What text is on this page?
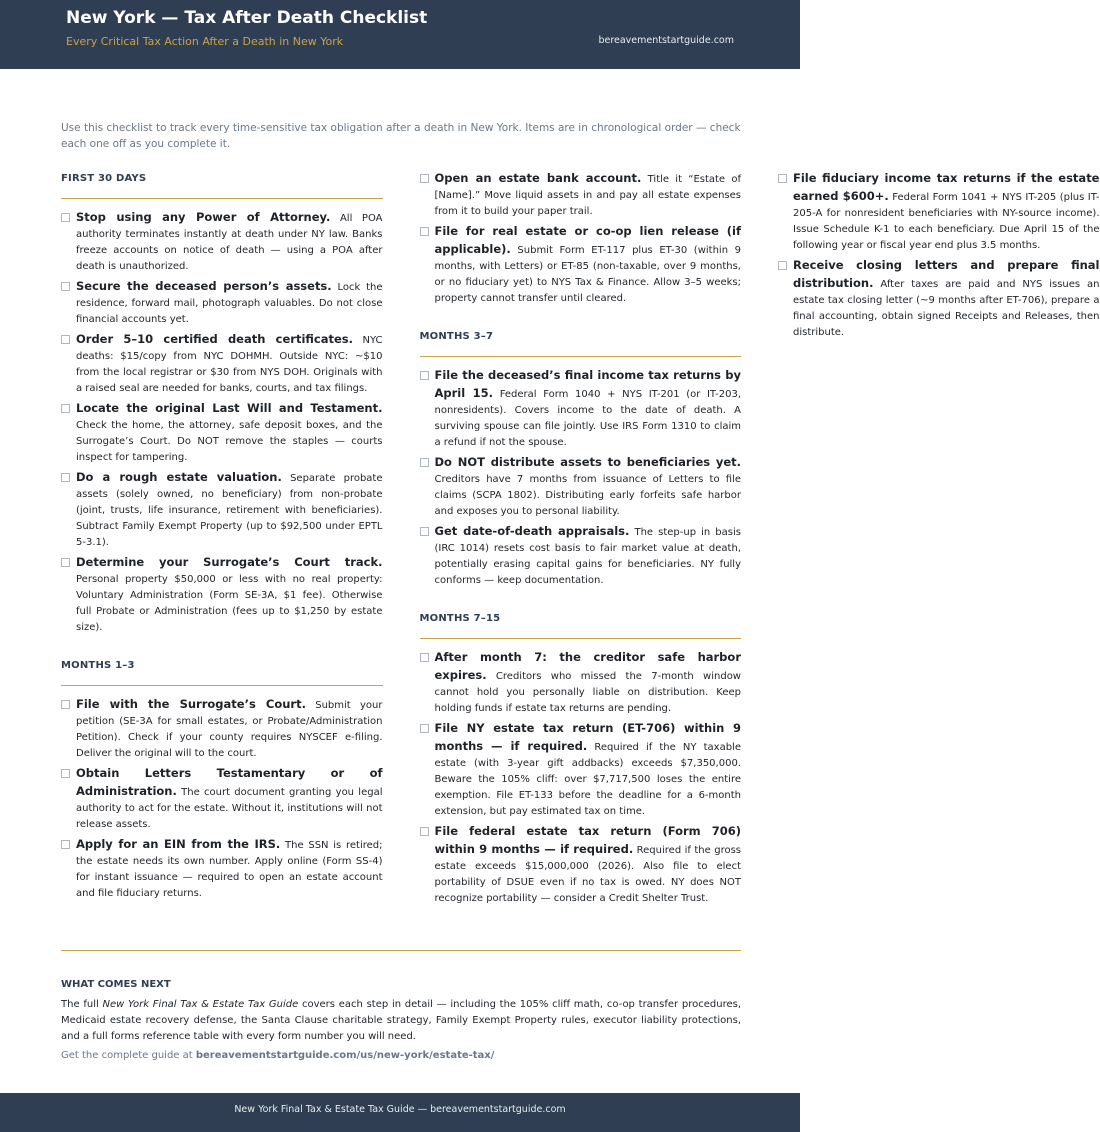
New York — Tax After Death Checklist
Every Critical Tax Action After a Death in New York	bereavementstartguide.com
Use this checklist to track every time-sensitive tax obligation after a death in New York. Items are in chronological order — check each one off as you complete it.
FIRST 30 DAYS
Stop using any Power of Attorney. All POA authority terminates instantly at death under NY law. Banks freeze accounts on notice of death — using a POA after death is unauthorized.
Secure the deceased person’s assets. Lock the residence, forward mail, photograph valuables. Do not close financial accounts yet.
Order 5–10 certified death certificates. NYC deaths: $15/copy from NYC DOHMH. Outside NYC: ~$10 from the local registrar or $30 from NYS DOH. Originals with a raised seal are needed for banks, courts, and tax filings.
Locate the original Last Will and Testament. Check the home, the attorney, safe deposit boxes, and the Surrogate’s Court. Do NOT remove the staples — courts inspect for tampering.
Do a rough estate valuation. Separate probate assets (solely owned, no beneficiary) from non-probate (joint, trusts, life insurance, retirement with beneficiaries). Subtract Family Exempt Property (up to $92,500 under EPTL 5-3.1).
Determine your Surrogate’s Court track. Personal property $50,000 or less with no real property: Voluntary Administration (Form SE-3A, $1 fee). Otherwise full Probate or Administration (fees up to $1,250 by estate size).
MONTHS 1–3
File with the Surrogate’s Court. Submit your petition (SE-3A for small estates, or Probate/Administration Petition). Check if your county requires NYSCEF e-filing. Deliver the original will to the court.
Obtain Letters Testamentary or of Administration. The court document granting you legal authority to act for the estate. Without it, institutions will not release assets.
Apply for an EIN from the IRS. The SSN is retired; the estate needs its own number. Apply online (Form SS-4) for instant issuance — required to open an estate account and file fiduciary returns.
Open an estate bank account. Title it “Estate of [Name].” Move liquid assets in and pay all estate expenses from it to build your paper trail.
File for real estate or co-op lien release (if applicable). Submit Form ET-117 plus ET-30 (within 9 months, with Letters) or ET-85 (non-taxable, over 9 months, or no fiduciary yet) to NYS Tax & Finance. Allow 3–5 weeks; property cannot transfer until cleared.
MONTHS 3–7
File the deceased’s final income tax returns by April 15. Federal Form 1040 + NYS IT-201 (or IT-203, nonresidents). Covers income to the date of death. A surviving spouse can file jointly. Use IRS Form 1310 to claim a refund if not the spouse.
Do NOT distribute assets to beneficiaries yet. Creditors have 7 months from issuance of Letters to file claims (SCPA 1802). Distributing early forfeits safe harbor and exposes you to personal liability.
Get date-of-death appraisals. The step-up in basis (IRC 1014) resets cost basis to fair market value at death, potentially erasing capital gains for beneficiaries. NY fully conforms — keep documentation.
MONTHS 7–15
After month 7: the creditor safe harbor expires. Creditors who missed the 7-month window cannot hold you personally liable on distribution. Keep holding funds if estate tax returns are pending.
File NY estate tax return (ET-706) within 9 months — if required. Required if the NY taxable estate (with 3-year gift addbacks) exceeds $7,350,000. Beware the 105% cliff: over $7,717,500 loses the entire exemption. File ET-133 before the deadline for a 6-month extension, but pay estimated tax on time.
File federal estate tax return (Form 706) within 9 months — if required. Required if the gross estate exceeds $15,000,000 (2026). Also file to elect portability of DSUE even if no tax is owed. NY does NOT recognize portability — consider a Credit Shelter Trust.
File fiduciary income tax returns if the estate earned $600+. Federal Form 1041 + NYS IT-205 (plus IT-205-A for nonresident beneficiaries with NY-source income). Issue Schedule K-1 to each beneficiary. Due April 15 of the following year or fiscal year end plus 3.5 months.
Receive closing letters and prepare final distribution. After taxes are paid and NYS issues an estate tax closing letter (~9 months after ET-706), prepare a final accounting, obtain signed Receipts and Releases, then distribute.
WHAT COMES NEXT
The full New York Final Tax & Estate Tax Guide covers each step in detail — including the 105% cliff math, co-op transfer procedures, Medicaid estate recovery defense, the Santa Clause charitable strategy, Family Exempt Property rules, executor liability protections, and a full forms reference table with every form number you will need.
Get the complete guide at bereavementstartguide.com/us/new-york/estate-tax/
New York Final Tax & Estate Tax Guide — bereavementstartguide.com
